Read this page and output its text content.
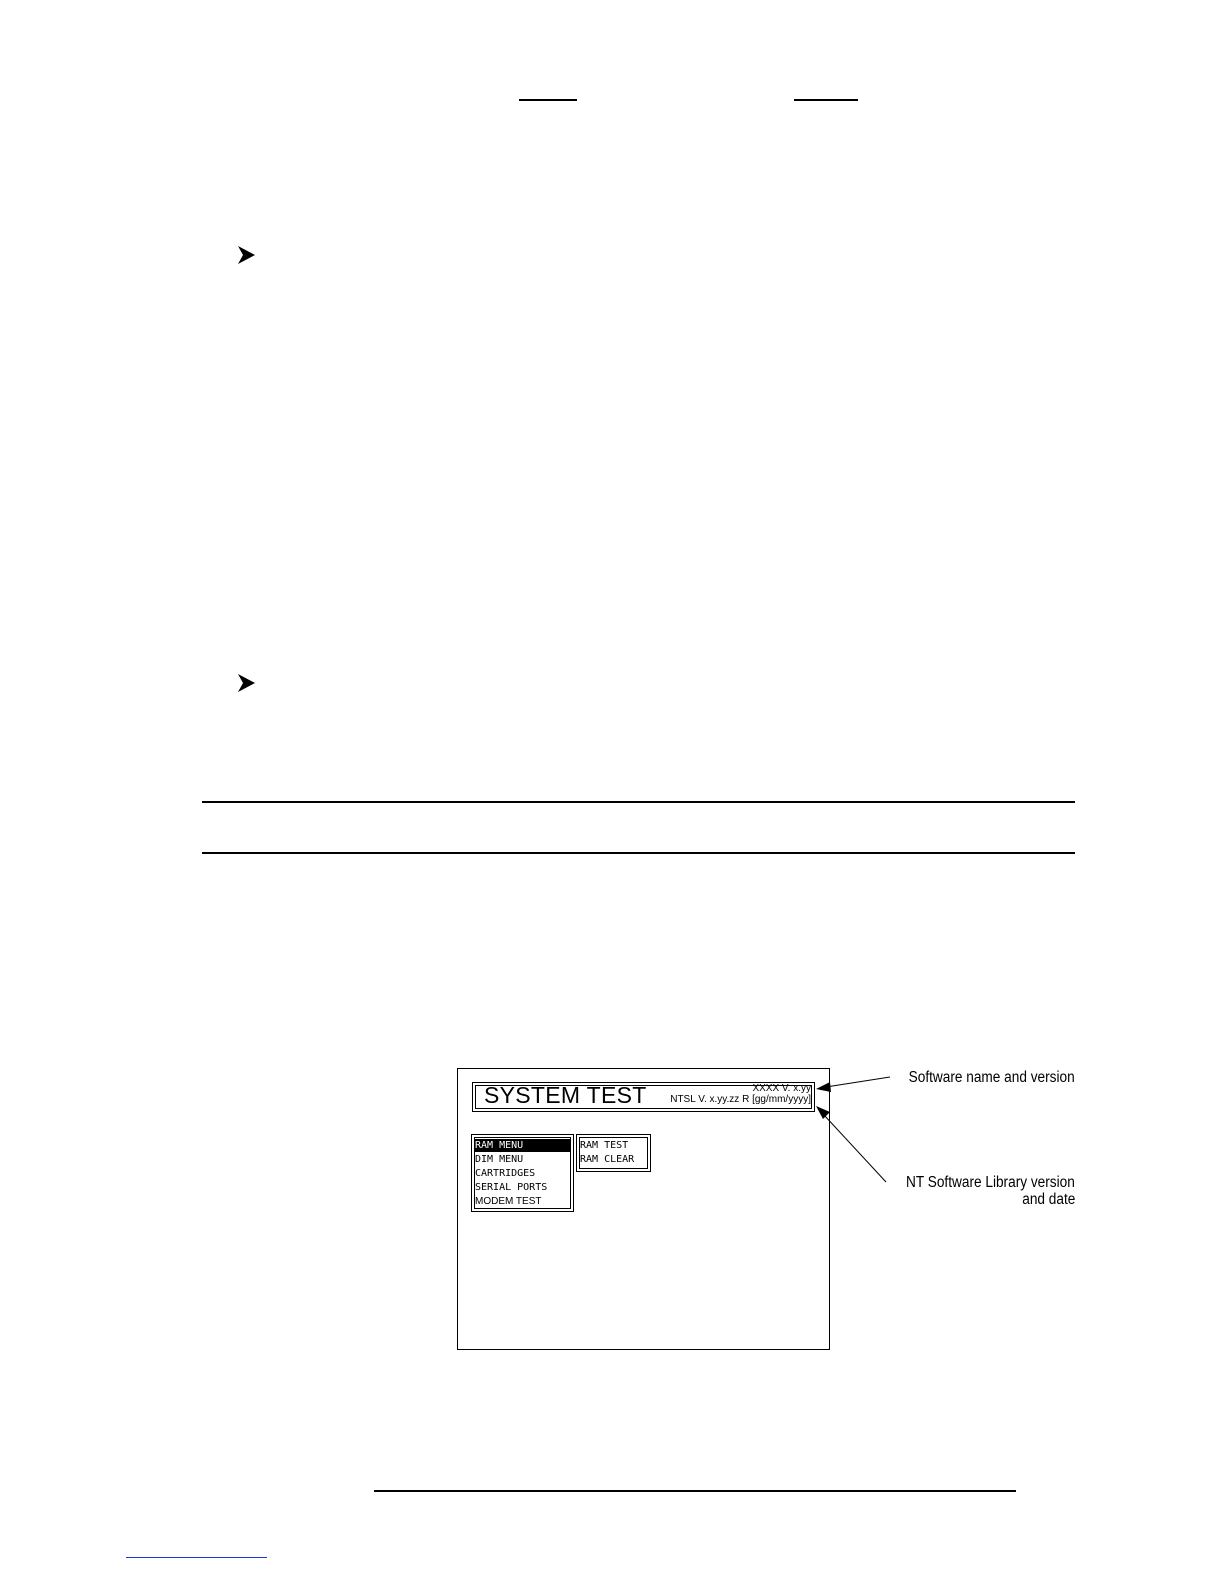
SYSTEM TEST	XXXX V. x.yy
NTSL V. x.yy.zz R [gg/mm/yyyy]
RAM MENU
DIM MENU
CARTRIDGES
SERIAL PORTS
MODEM TEST
RAM TEST
RAM CLEAR
Software name and version
NT Software Library version
and date
